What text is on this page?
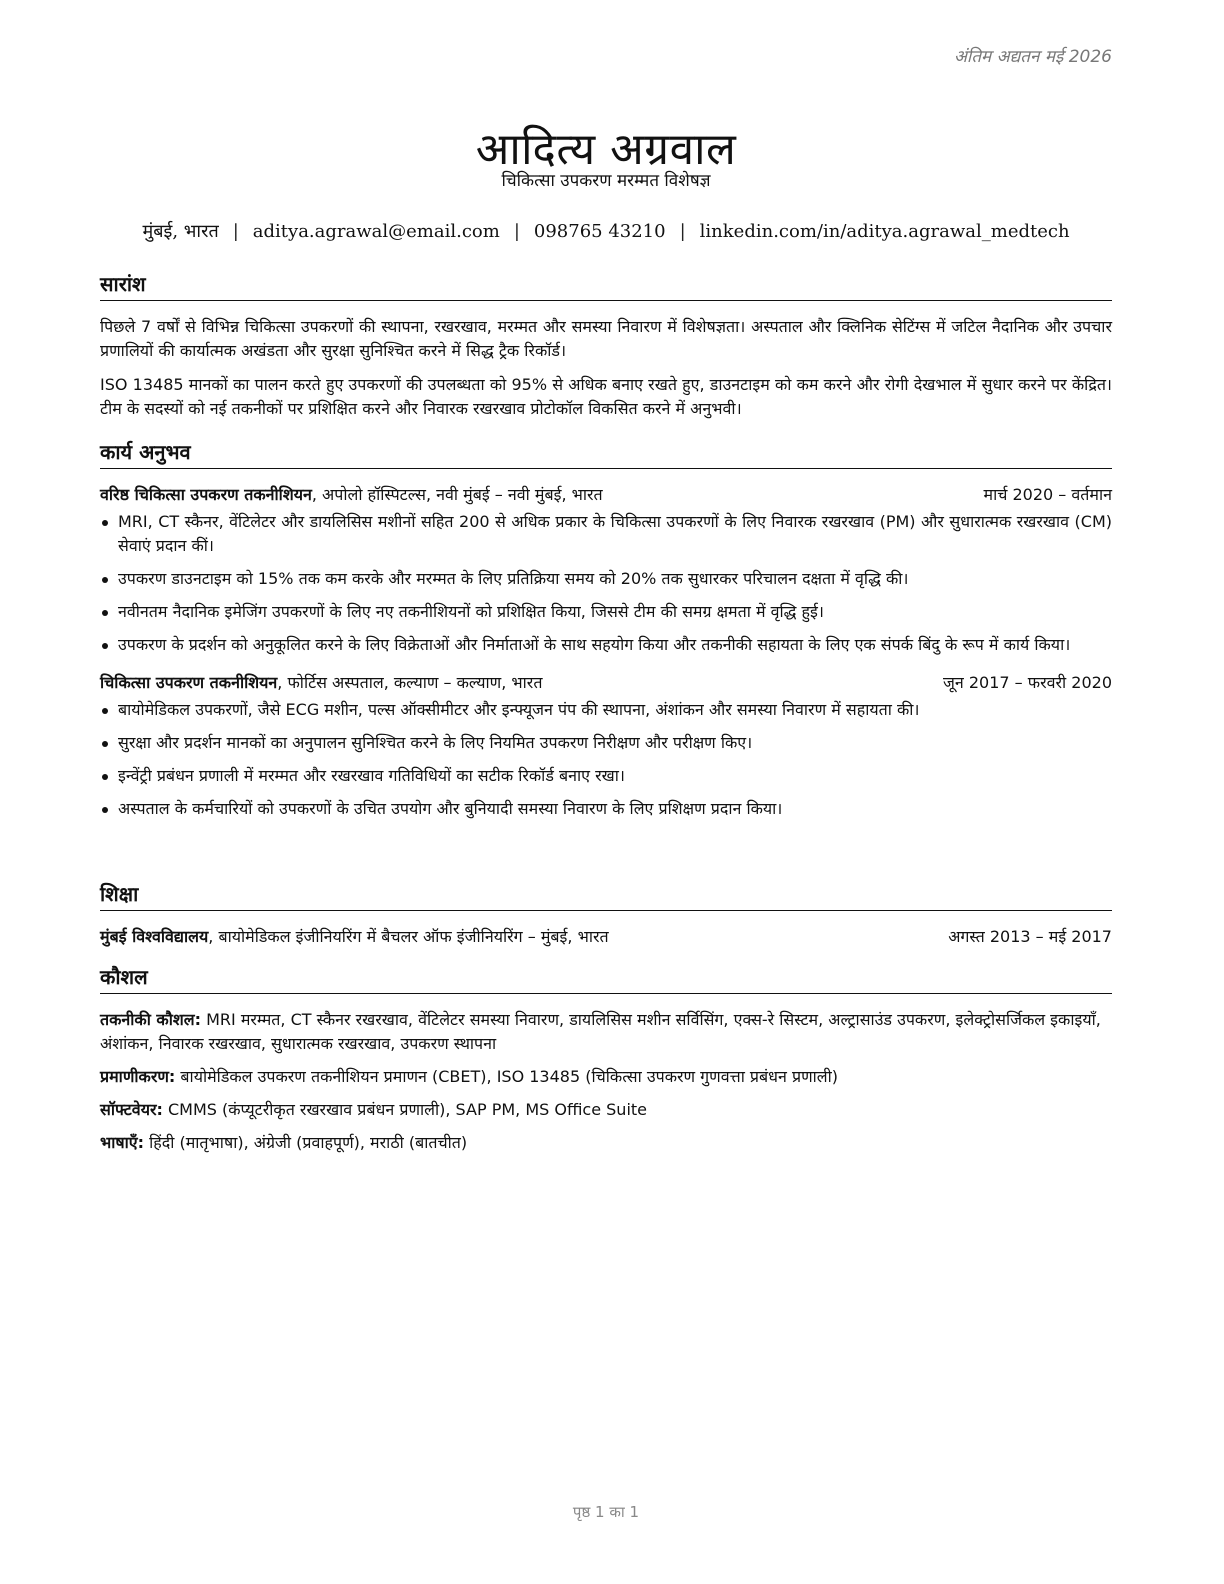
अंतिम अद्यतन मई 2026
आदित्य अग्रवाल
चिकित्सा उपकरण मरम्मत विशेषज्ञ
मुंबई, भारत | aditya.agrawal@email.com | 098765 43210 | linkedin.com/in/aditya.agrawal_medtech
सारांश

पिछले 7 वर्षों से विभिन्न चिकित्सा उपकरणों की स्थापना, रखरखाव, मरम्मत और समस्या निवारण में विशेषज्ञता। अस्पताल और क्लिनिक सेटिंग्स में जटिल नैदानिक और उपचार प्रणालियों की कार्यात्मक अखंडता और सुरक्षा सुनिश्चित करने में सिद्ध ट्रैक रिकॉर्ड।

ISO 13485 मानकों का पालन करते हुए उपकरणों की उपलब्धता को 95% से अधिक बनाए रखते हुए, डाउनटाइम को कम करने और रोगी देखभाल में सुधार करने पर केंद्रित। टीम के सदस्यों को नई तकनीकों पर प्रशिक्षित करने और निवारक रखरखाव प्रोटोकॉल विकसित करने में अनुभवी।

कार्य अनुभव
वरिष्ठ चिकित्सा उपकरण तकनीशियन, अपोलो हॉस्पिटल्स, नवी मुंबई – नवी मुंबई, भारत	मार्च 2020 – वर्तमान
MRI, CT स्कैनर, वेंटिलेटर और डायलिसिस मशीनों सहित 200 से अधिक प्रकार के चिकित्सा उपकरणों के लिए निवारक रखरखाव (PM) और सुधारात्मक रखरखाव (CM) सेवाएं प्रदान कीं।
उपकरण डाउनटाइम को 15% तक कम करके और मरम्मत के लिए प्रतिक्रिया समय को 20% तक सुधारकर परिचालन दक्षता में वृद्धि की।
नवीनतम नैदानिक इमेजिंग उपकरणों के लिए नए तकनीशियनों को प्रशिक्षित किया, जिससे टीम की समग्र क्षमता में वृद्धि हुई।
उपकरण के प्रदर्शन को अनुकूलित करने के लिए विक्रेताओं और निर्माताओं के साथ सहयोग किया और तकनीकी सहायता के लिए एक संपर्क बिंदु के रूप में कार्य किया।
चिकित्सा उपकरण तकनीशियन, फोर्टिस अस्पताल, कल्याण – कल्याण, भारत	जून 2017 – फरवरी 2020
बायोमेडिकल उपकरणों, जैसे ECG मशीन, पल्स ऑक्सीमीटर और इन्फ्यूजन पंप की स्थापना, अंशांकन और समस्या निवारण में सहायता की।
सुरक्षा और प्रदर्शन मानकों का अनुपालन सुनिश्चित करने के लिए नियमित उपकरण निरीक्षण और परीक्षण किए।
इन्वेंट्री प्रबंधन प्रणाली में मरम्मत और रखरखाव गतिविधियों का सटीक रिकॉर्ड बनाए रखा।
अस्पताल के कर्मचारियों को उपकरणों के उचित उपयोग और बुनियादी समस्या निवारण के लिए प्रशिक्षण प्रदान किया।
शिक्षा
मुंबई विश्वविद्यालय, बायोमेडिकल इंजीनियरिंग में बैचलर ऑफ इंजीनियरिंग – मुंबई, भारत	अगस्त 2013 – मई 2017
कौशल

तकनीकी कौशल: MRI मरम्मत, CT स्कैनर रखरखाव, वेंटिलेटर समस्या निवारण, डायलिसिस मशीन सर्विसिंग, एक्स-रे सिस्टम, अल्ट्रासाउंड उपकरण, इलेक्ट्रोसर्जिकल इकाइयाँ, अंशांकन, निवारक रखरखाव, सुधारात्मक रखरखाव, उपकरण स्थापना

प्रमाणीकरण: बायोमेडिकल उपकरण तकनीशियन प्रमाणन (CBET), ISO 13485 (चिकित्सा उपकरण गुणवत्ता प्रबंधन प्रणाली)

सॉफ्टवेयर: CMMS (कंप्यूटरीकृत रखरखाव प्रबंधन प्रणाली), SAP PM, MS Office Suite

भाषाएँ: हिंदी (मातृभाषा), अंग्रेजी (प्रवाहपूर्ण), मराठी (बातचीत)

पृष्ठ 1 का 1
